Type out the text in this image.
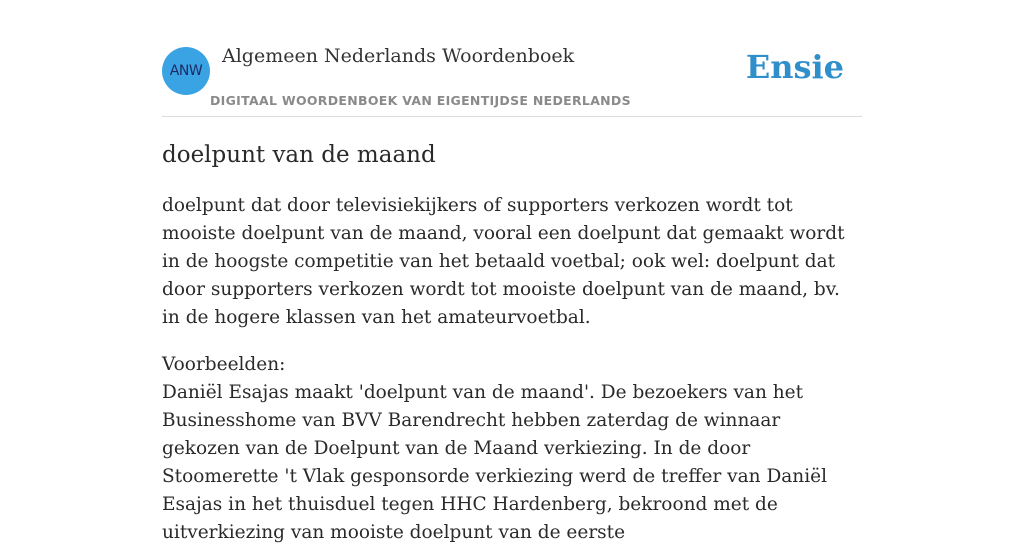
ANW
Algemeen Nederlands Woordenboek
DIGITAAL WOORDENBOEK VAN EIGENTIJDSE NEDERLANDS
Ensie
doelpunt van de maand

doelpunt dat door televisiekijkers of supporters verkozen wordt tot mooiste doelpunt van de maand, vooral een doelpunt dat gemaakt wordt in de hoogste competitie van het betaald voetbal; ook wel: doelpunt dat door supporters verkozen wordt tot mooiste doelpunt van de maand, bv. in de hogere klassen van het amateurvoetbal.

Voorbeelden:

Daniël Esajas maakt 'doelpunt van de maand'. De bezoekers van het Businesshome van BVV Barendrecht hebben zaterdag de winnaar gekozen van de Doelpunt van de Maand verkiezing. In de door Stoomerette 't Vlak gesponsorde verkiezing werd de treffer van Daniël Esajas in het thuisduel tegen HHC Hardenberg, bekroond met de uitverkiezing van mooiste doelpunt van de eerste
